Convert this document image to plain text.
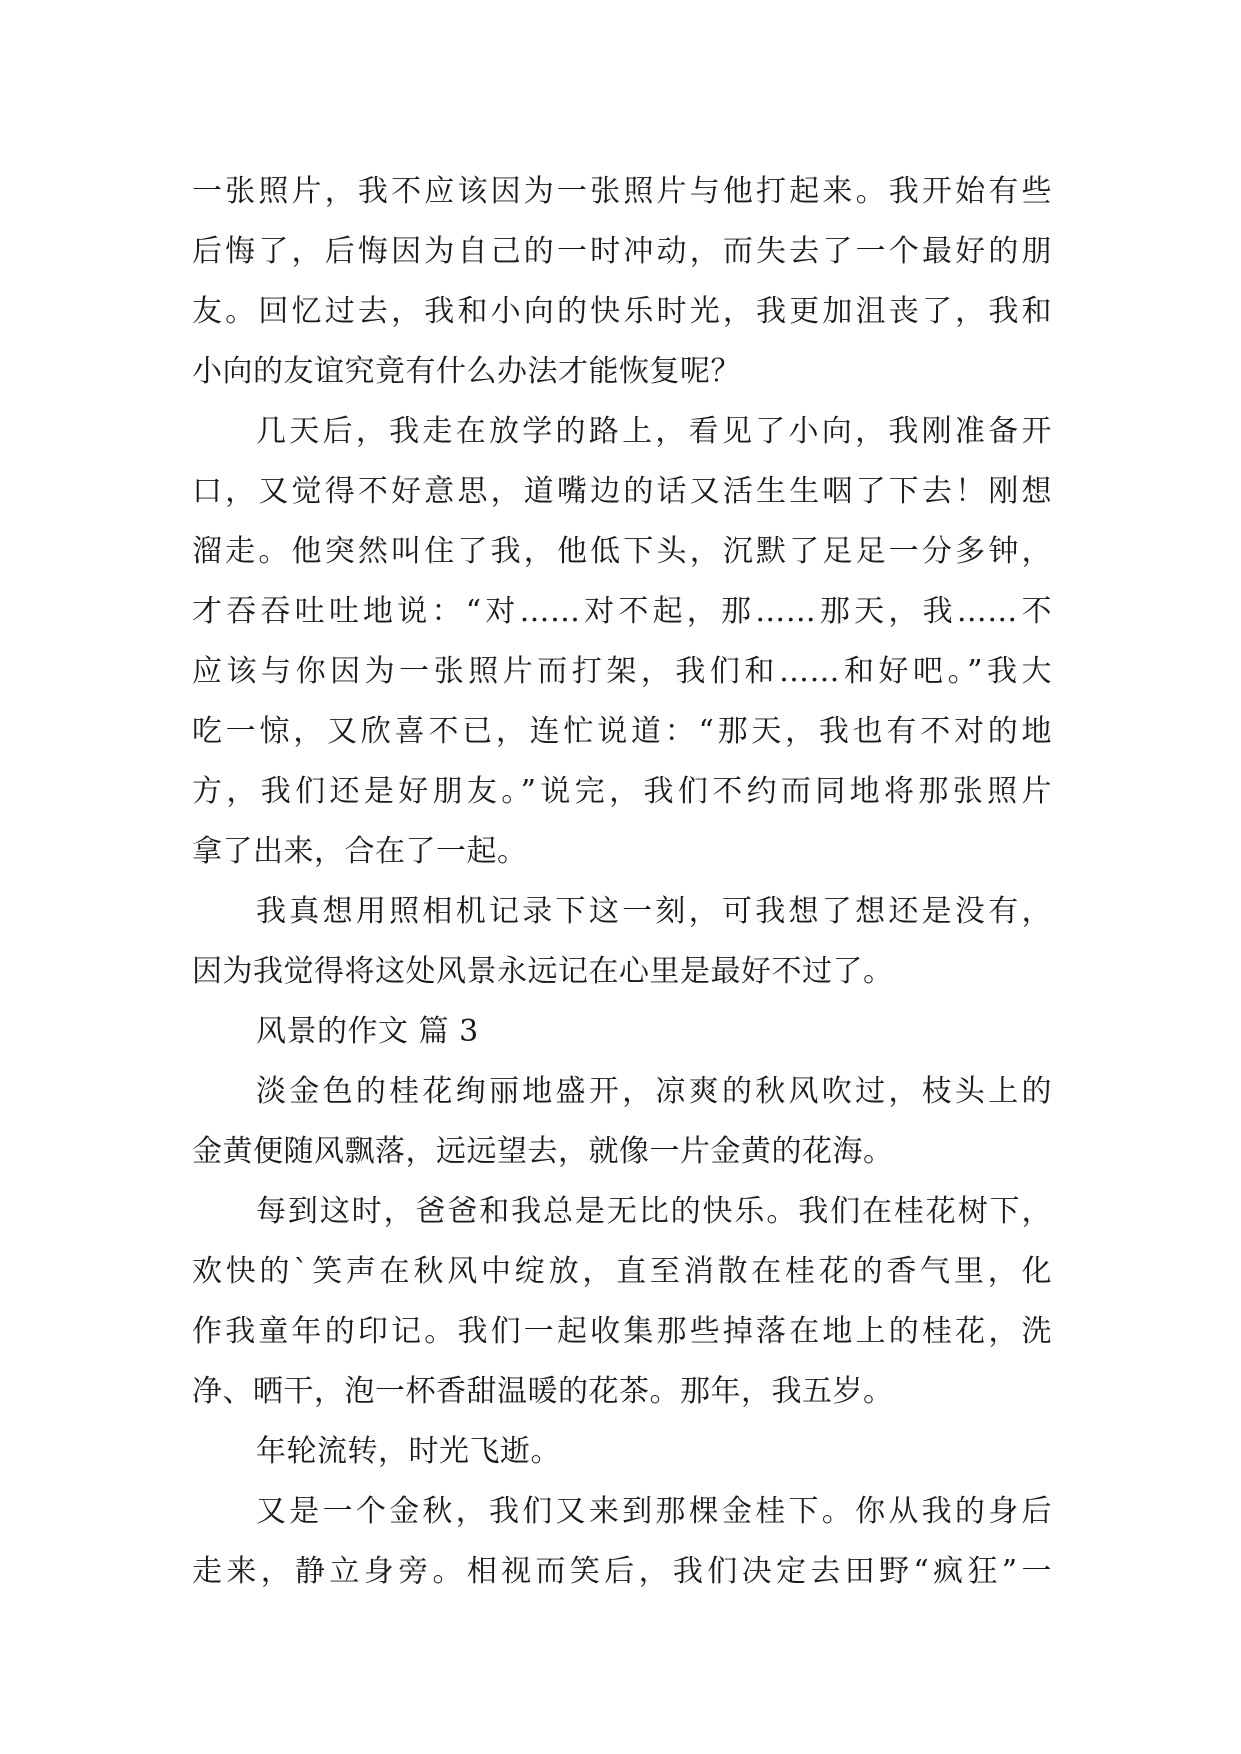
一张照片，我不应该因为一张照片与他打起来。我开始有些
后悔了，后悔因为自己的一时冲动，而失去了一个最好的朋
友。回忆过去，我和小向的快乐时光，我更加沮丧了，我和
小向的友谊究竟有什么办法才能恢复呢？
几天后，我走在放学的路上，看见了小向，我刚准备开
口，又觉得不好意思，道嘴边的话又活生生咽了下去！刚想
溜走。他突然叫住了我，他低下头，沉默了足足一分多钟，
才吞吞吐吐地说：“对……对不起，那……那天，我……不
应该与你因为一张照片而打架，我们和……和好吧。”我大
吃一惊，又欣喜不已，连忙说道：“那天，我也有不对的地
方，我们还是好朋友。”说完，我们不约而同地将那张照片
拿了出来，合在了一起。
我真想用照相机记录下这一刻，可我想了想还是没有，
因为我觉得将这处风景永远记在心里是最好不过了。
风景的作文 篇 3
淡金色的桂花绚丽地盛开，凉爽的秋风吹过，枝头上的
金黄便随风飘落，远远望去，就像一片金黄的花海。
每到这时，爸爸和我总是无比的快乐。我们在桂花树下，
欢快的`笑声在秋风中绽放，直至消散在桂花的香气里，化
作我童年的印记。我们一起收集那些掉落在地上的桂花，洗
净、晒干，泡一杯香甜温暖的花茶。那年，我五岁。
年轮流转，时光飞逝。
又是一个金秋，我们又来到那棵金桂下。你从我的身后
走来，静立身旁。相视而笑后，我们决定去田野“疯狂”一
